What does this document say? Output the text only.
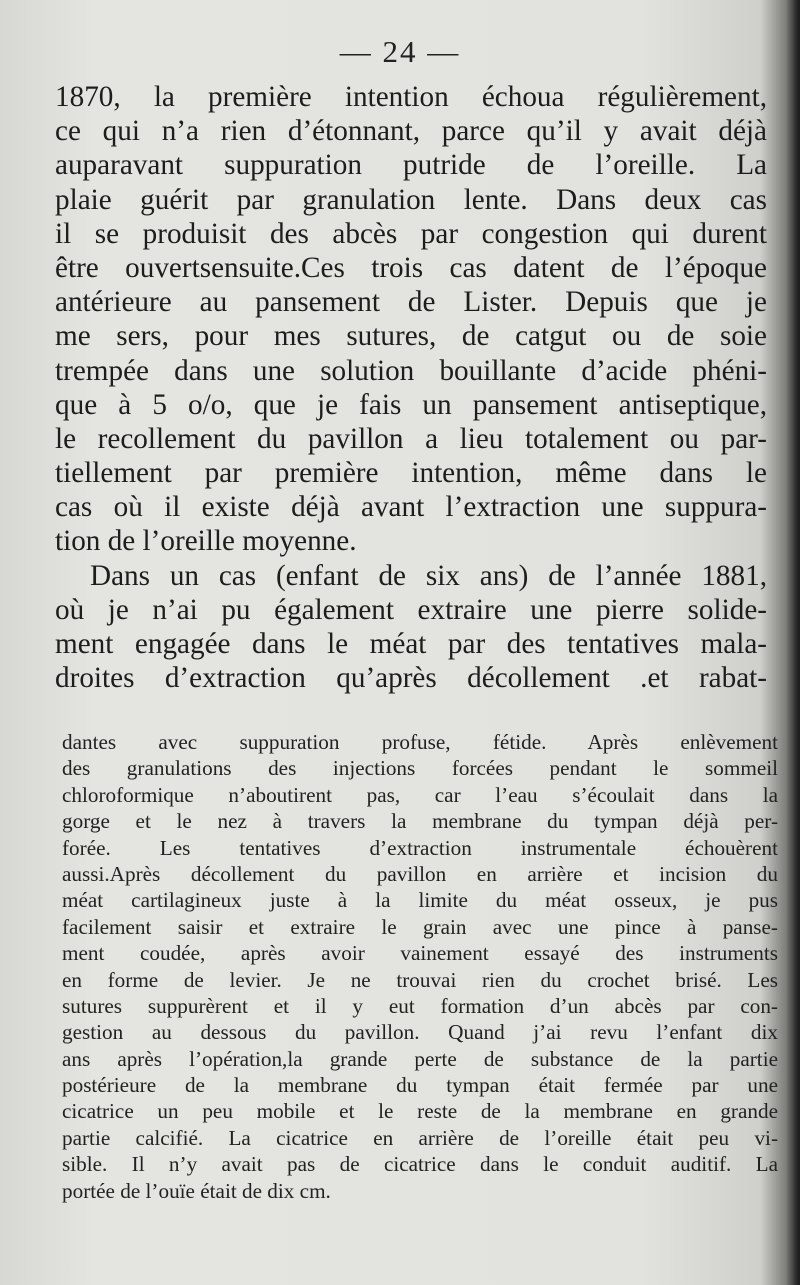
— 24 —
1870, la première intention échoua régulièrement,
ce qui n’a rien d’étonnant, parce qu’il y avait déjà
auparavant suppuration putride de l’oreille. La
plaie guérit par granulation lente. Dans deux cas
il se produisit des abcès par congestion qui durent
être ouvertsensuite.Ces trois cas datent de l’époque
antérieure au pansement de Lister. Depuis que je
me sers, pour mes sutures, de catgut ou de soie
trempée dans une solution bouillante d’acide phéni-
que à 5 o/o, que je fais un pansement antiseptique,
le recollement du pavillon a lieu totalement ou par-
tiellement par première intention, même dans le
cas où il existe déjà avant l’extraction une suppura-
tion de l’oreille moyenne.
Dans un cas (enfant de six ans) de l’année 1881,
où je n’ai pu également extraire une pierre solide-
ment engagée dans le méat par des tentatives mala-
droites d’extraction qu’après décollement .et rabat-
dantes avec suppuration profuse, fétide. Après enlèvement
des granulations des injections forcées pendant le sommeil
chloroformique n’aboutirent pas, car l’eau s’écoulait dans la
gorge et le nez à travers la membrane du tympan déjà per-
forée. Les tentatives d’extraction instrumentale échouèrent
aussi.Après décollement du pavillon en arrière et incision du
méat cartilagineux juste à la limite du méat osseux, je pus
facilement saisir et extraire le grain avec une pince à panse-
ment coudée, après avoir vainement essayé des instruments
en forme de levier. Je ne trouvai rien du crochet brisé. Les
sutures suppurèrent et il y eut formation d’un abcès par con-
gestion au dessous du pavillon. Quand j’ai revu l’enfant dix
ans après l’opération,la grande perte de substance de la partie
postérieure de la membrane du tympan était fermée par une
cicatrice un peu mobile et le reste de la membrane en grande
partie calcifié. La cicatrice en arrière de l’oreille était peu vi-
sible. Il n’y avait pas de cicatrice dans le conduit auditif. La
portée de l’ouïe était de dix cm.
